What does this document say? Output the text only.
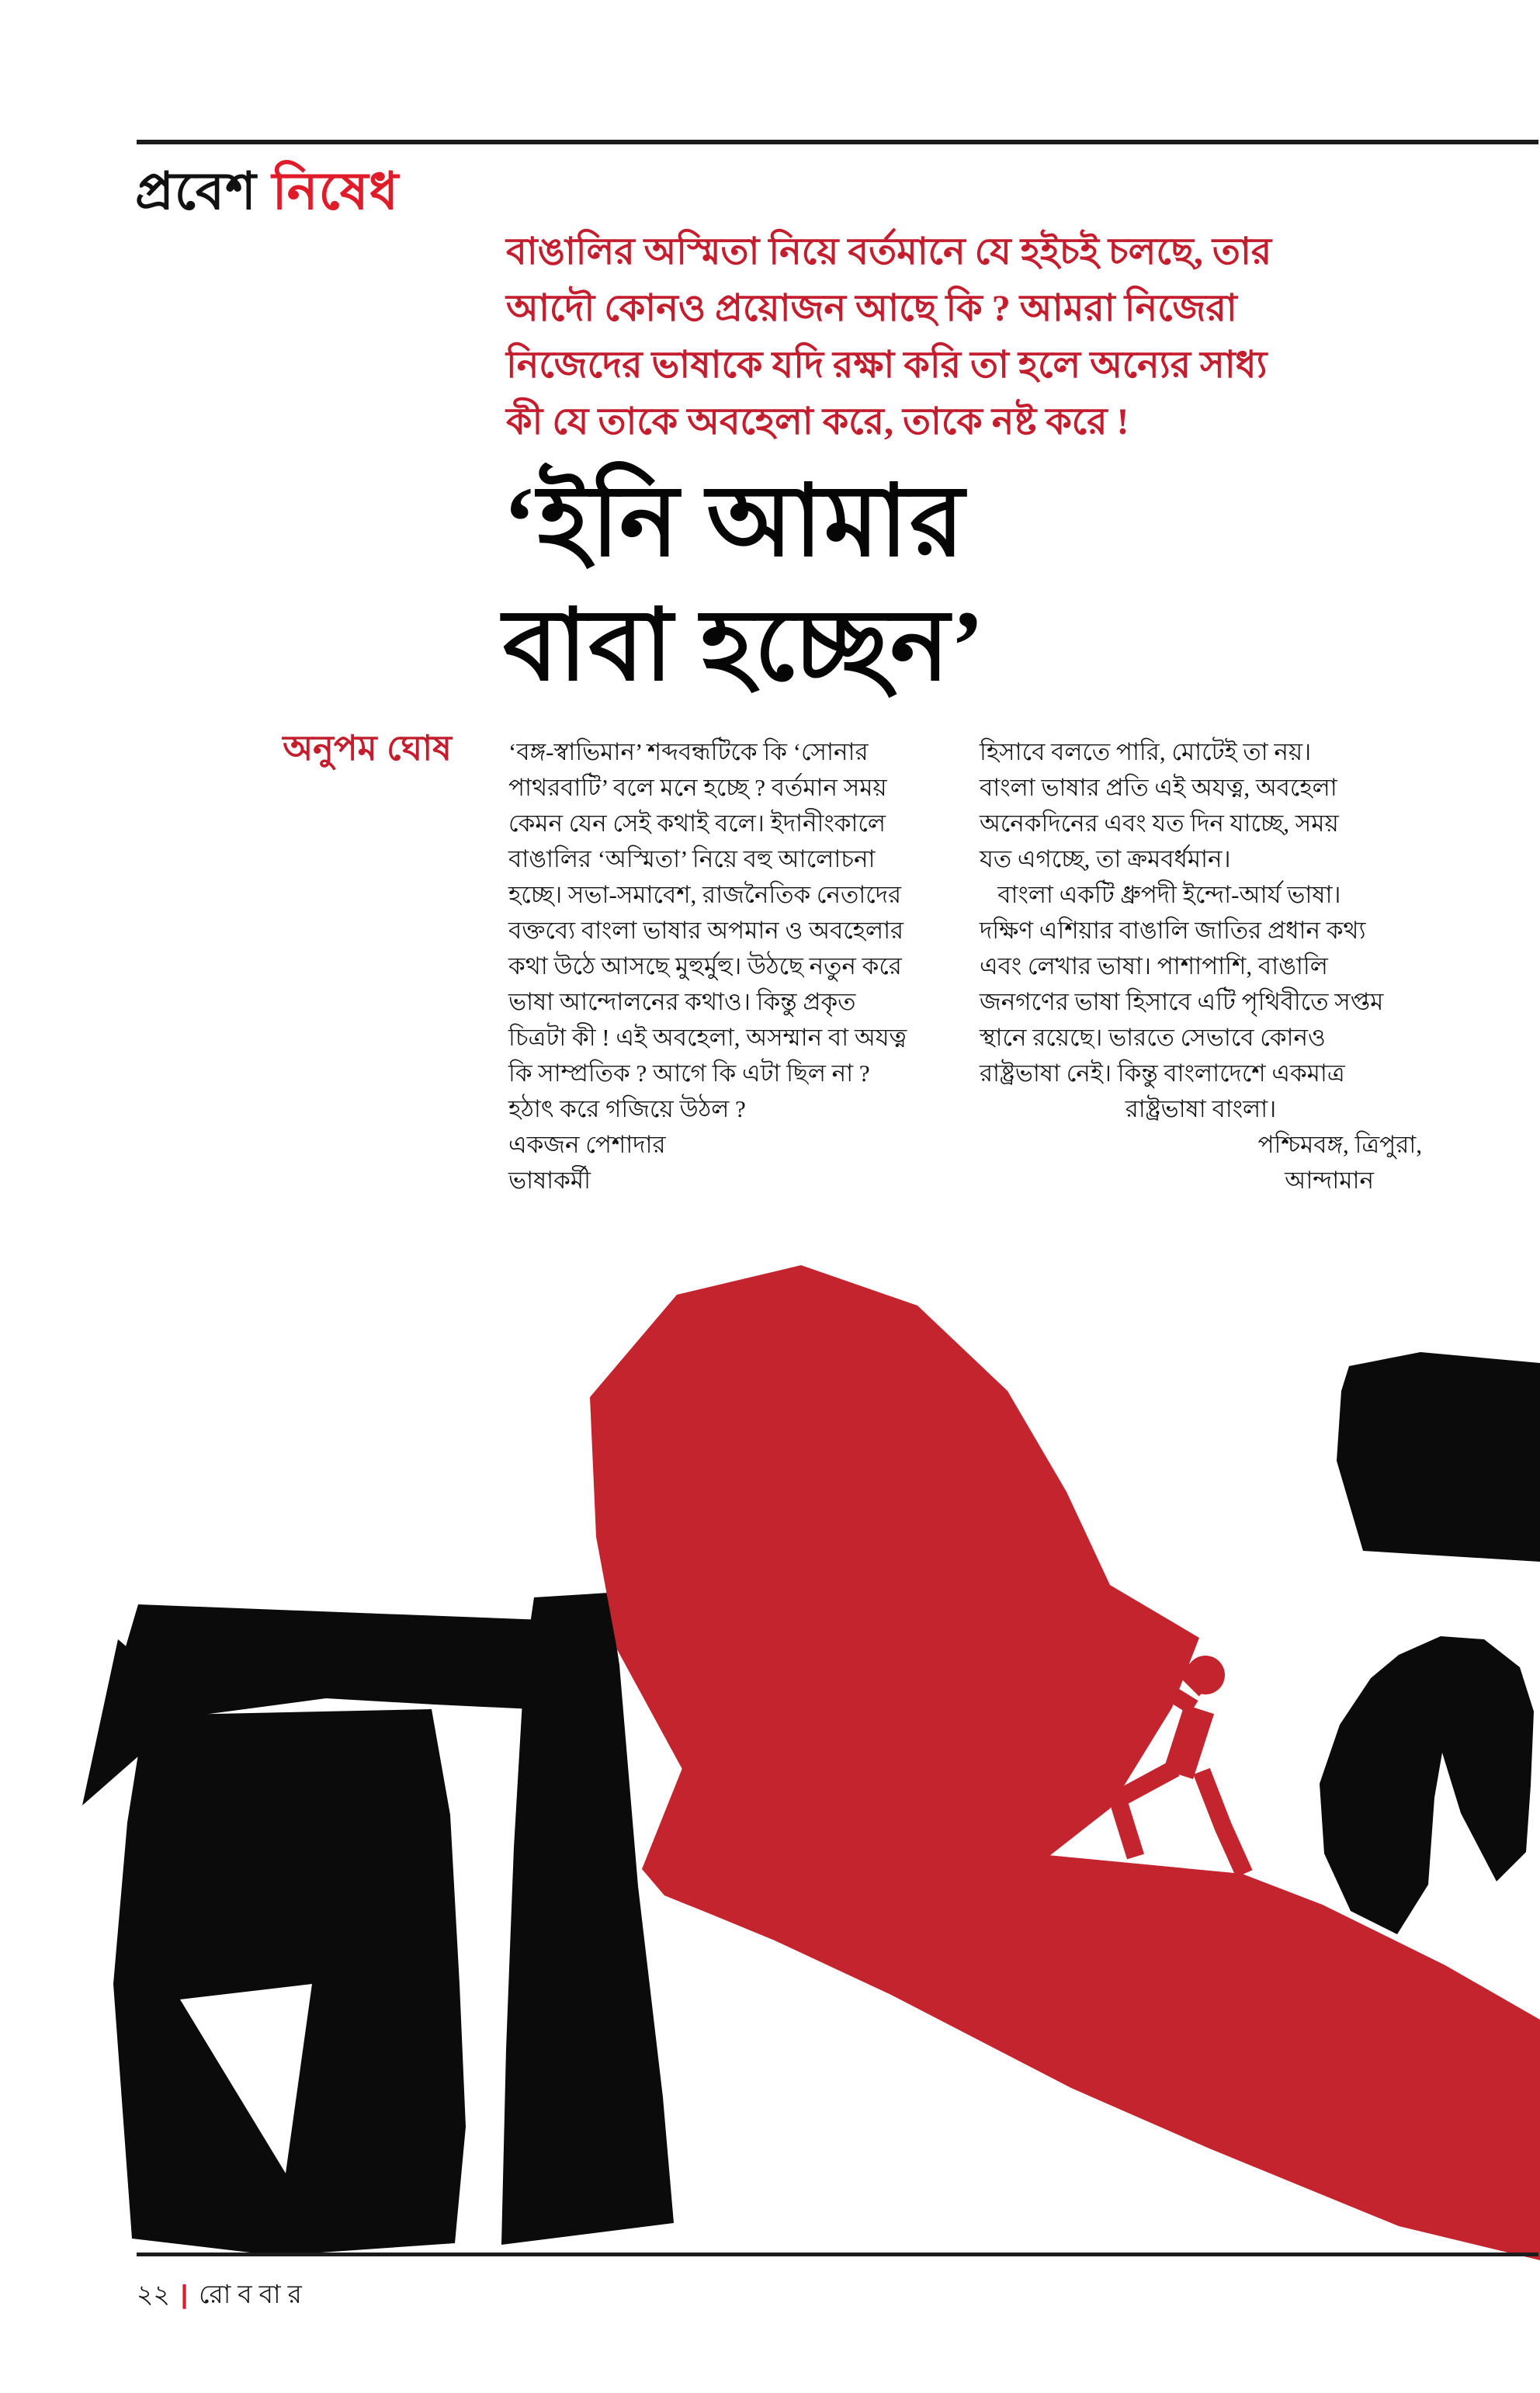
প্রবেশ নিষেধ
বাঙালির অস্মিতা নিয়ে বর্তমানে যে হইচই চলছে, তার
আদৌ কোনও প্রয়োজন আছে কি ? আমরা নিজেরা
নিজেদের ভাষাকে যদি রক্ষা করি তা হলে অন্যের সাধ্য
কী যে তাকে অবহেলা করে, তাকে নষ্ট করে !
‘ইনি আমার
বাবা হচ্ছেন’
অনুপম ঘোষ ‘বঙ্গ-স্বাভিমান’ শব্দবন্ধটিকে কি ‘সোনার
পাথরবাটি’ বলে মনে হচ্ছে ? বর্তমান সময়
কেমন যেন সেই কথাই বলে। ইদানীংকালে
বাঙালির ‘অস্মিতা’ নিয়ে বহু আলোচনা
হচ্ছে। সভা-সমাবেশ, রাজনৈতিক নেতাদের
বক্তব্যে বাংলা ভাষার অপমান ও অবহেলার
কথা উঠে আসছে মুহুর্মুহু। উঠছে নতুন করে
ভাষা আন্দোলনের কথাও। কিন্তু প্রকৃত
চিত্রটা কী ! এই অবহেলা, অসম্মান বা অযত্ন
কি সাম্প্রতিক ? আগে কি এটা ছিল না ?
হঠাৎ করে গজিয়ে উঠল ?
একজন পেশাদার
ভাষাকর্মী
হিসাবে বলতে পারি, মোটেই তা নয়।
বাংলা ভাষার প্রতি এই অযত্ন, অবহেলা
অনেকদিনের এবং যত দিন যাচ্ছে, সময়
যত এগচ্ছে, তা ক্রমবর্ধমান।
বাংলা একটি ধ্রুপদী ইন্দো-আর্য ভাষা।
দক্ষিণ এশিয়ার বাঙালি জাতির প্রধান কথ্য
এবং লেখার ভাষা। পাশাপাশি, বাঙালি
জনগণের ভাষা হিসাবে এটি পৃথিবীতে সপ্তম
স্থানে রয়েছে। ভারতে সেভাবে কোনও
রাষ্ট্রভাষা নেই। কিন্তু বাংলাদেশে একমাত্র
রাষ্ট্রভাষা বাংলা।
পশ্চিমবঙ্গ, ত্রিপুরা,
আন্দামান
২২ | রোববার
